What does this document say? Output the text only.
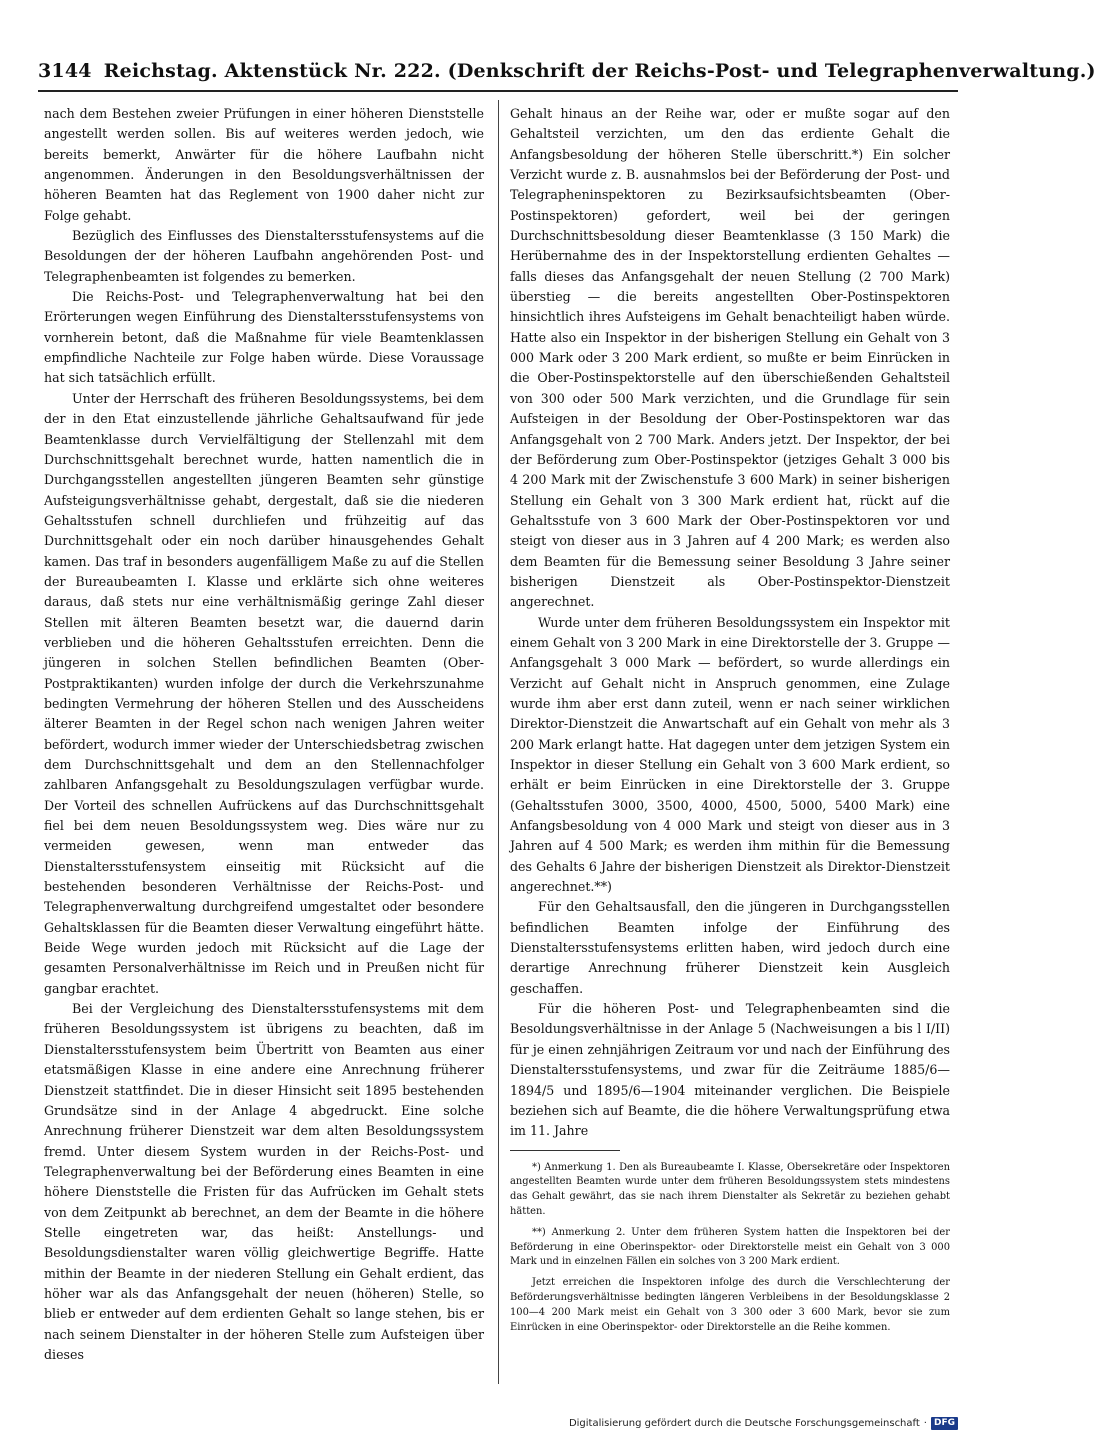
3144 Reichstag. Aktenstück Nr. 222. (Denkschrift der Reichs-Post- und Telegraphenverwaltung.)

nach dem Bestehen zweier Prüfungen in einer höheren Dienststelle angestellt werden sollen. Bis auf weiteres werden jedoch, wie bereits bemerkt, Anwärter für die höhere Laufbahn nicht angenommen. Änderungen in den Besoldungsverhältnissen der höheren Beamten hat das Reglement von 1900 daher nicht zur Folge gehabt.

Bezüglich des Einflusses des Dienstaltersstufensystems auf die Besoldungen der der höheren Laufbahn angehörenden Post- und Telegraphenbeamten ist folgendes zu bemerken.

Die Reichs-Post- und Telegraphenverwaltung hat bei den Erörterungen wegen Einführung des Dienstaltersstufensystems von vornherein betont, daß die Maßnahme für viele Beamtenklassen empfindliche Nachteile zur Folge haben würde. Diese Voraussage hat sich tatsächlich erfüllt.

Unter der Herrschaft des früheren Besoldungssystems, bei dem der in den Etat einzustellende jährliche Gehaltsaufwand für jede Beamtenklasse durch Vervielfältigung der Stellenzahl mit dem Durchschnittsgehalt berechnet wurde, hatten namentlich die in Durchgangsstellen angestellten jüngeren Beamten sehr günstige Aufsteigungsverhältnisse gehabt, dergestalt, daß sie die niederen Gehaltsstufen schnell durchliefen und frühzeitig auf das Durchnittsgehalt oder ein noch darüber hinausgehendes Gehalt kamen. Das traf in besonders augenfälligem Maße zu auf die Stellen der Bureaubeamten I. Klasse und erklärte sich ohne weiteres daraus, daß stets nur eine verhältnismäßig geringe Zahl dieser Stellen mit älteren Beamten besetzt war, die dauernd darin verblieben und die höheren Gehaltsstufen erreichten. Denn die jüngeren in solchen Stellen befindlichen Beamten (Ober-Postpraktikanten) wurden infolge der durch die Verkehrszunahme bedingten Vermehrung der höheren Stellen und des Ausscheidens älterer Beamten in der Regel schon nach wenigen Jahren weiter befördert, wodurch immer wieder der Unterschiedsbetrag zwischen dem Durchschnittsgehalt und dem an den Stellennachfolger zahlbaren Anfangsgehalt zu Besoldungszulagen verfügbar wurde. Der Vorteil des schnellen Aufrückens auf das Durchschnittsgehalt fiel bei dem neuen Besoldungssystem weg. Dies wäre nur zu vermeiden gewesen, wenn man entweder das Dienstaltersstufensystem einseitig mit Rücksicht auf die bestehenden besonderen Verhältnisse der Reichs-Post- und Telegraphenverwaltung durchgreifend umgestaltet oder besondere Gehaltsklassen für die Beamten dieser Verwaltung eingeführt hätte. Beide Wege wurden jedoch mit Rücksicht auf die Lage der gesamten Personalverhältnisse im Reich und in Preußen nicht für gangbar erachtet.

Bei der Vergleichung des Dienstaltersstufensystems mit dem früheren Besoldungssystem ist übrigens zu beachten, daß im Dienstaltersstufensystem beim Übertritt von Beamten aus einer etatsmäßigen Klasse in eine andere eine Anrechnung früherer Dienstzeit stattfindet. Die in dieser Hinsicht seit 1895 bestehenden Grundsätze sind in der Anlage 4 abgedruckt. Eine solche Anrechnung früherer Dienstzeit war dem alten Besoldungssystem fremd. Unter diesem System wurden in der Reichs-Post- und Telegraphenverwaltung bei der Beförderung eines Beamten in eine höhere Dienststelle die Fristen für das Aufrücken im Gehalt stets von dem Zeitpunkt ab berechnet, an dem der Beamte in die höhere Stelle eingetreten war, das heißt: Anstellungs- und Besoldungsdienstalter waren völlig gleichwertige Begriffe. Hatte mithin der Beamte in der niederen Stellung ein Gehalt erdient, das höher war als das Anfangsgehalt der neuen (höheren) Stelle, so blieb er entweder auf dem erdienten Gehalt so lange stehen, bis er nach seinem Dienstalter in der höheren Stelle zum Aufsteigen über dieses

Gehalt hinaus an der Reihe war, oder er mußte sogar auf den Gehaltsteil verzichten, um den das erdiente Gehalt die Anfangsbesoldung der höheren Stelle überschritt.*) Ein solcher Verzicht wurde z. B. ausnahmslos bei der Beförderung der Post- und Telegrapheninspektoren zu Bezirksaufsichtsbeamten (Ober-Postinspektoren) gefordert, weil bei der geringen Durchschnittsbesoldung dieser Beamtenklasse (3 150 Mark) die Herübernahme des in der Inspektorstellung erdienten Gehaltes — falls dieses das Anfangsgehalt der neuen Stellung (2 700 Mark) überstieg — die bereits angestellten Ober-Postinspektoren hinsichtlich ihres Aufsteigens im Gehalt benachteiligt haben würde. Hatte also ein Inspektor in der bisherigen Stellung ein Gehalt von 3 000 Mark oder 3 200 Mark erdient, so mußte er beim Einrücken in die Ober-Postinspektorstelle auf den überschießenden Gehaltsteil von 300 oder 500 Mark verzichten, und die Grundlage für sein Aufsteigen in der Besoldung der Ober-Postinspektoren war das Anfangsgehalt von 2 700 Mark. Anders jetzt. Der Inspektor, der bei der Beförderung zum Ober-Postinspektor (jetziges Gehalt 3 000 bis 4 200 Mark mit der Zwischenstufe 3 600 Mark) in seiner bisherigen Stellung ein Gehalt von 3 300 Mark erdient hat, rückt auf die Gehaltsstufe von 3 600 Mark der Ober-Postinspektoren vor und steigt von dieser aus in 3 Jahren auf 4 200 Mark; es werden also dem Beamten für die Bemessung seiner Besoldung 3 Jahre seiner bisherigen Dienstzeit als Ober-Postinspektor-Dienstzeit angerechnet.

Wurde unter dem früheren Besoldungssystem ein Inspektor mit einem Gehalt von 3 200 Mark in eine Direktorstelle der 3. Gruppe — Anfangsgehalt 3 000 Mark — befördert, so wurde allerdings ein Verzicht auf Gehalt nicht in Anspruch genommen, eine Zulage wurde ihm aber erst dann zuteil, wenn er nach seiner wirklichen Direktor-Dienstzeit die Anwartschaft auf ein Gehalt von mehr als 3 200 Mark erlangt hatte. Hat dagegen unter dem jetzigen System ein Inspektor in dieser Stellung ein Gehalt von 3 600 Mark erdient, so erhält er beim Einrücken in eine Direktorstelle der 3. Gruppe (Gehaltsstufen 3000, 3500, 4000, 4500, 5000, 5400 Mark) eine Anfangsbesoldung von 4 000 Mark und steigt von dieser aus in 3 Jahren auf 4 500 Mark; es werden ihm mithin für die Bemessung des Gehalts 6 Jahre der bisherigen Dienstzeit als Direktor-Dienstzeit angerechnet.**)

Für den Gehaltsausfall, den die jüngeren in Durchgangsstellen befindlichen Beamten infolge der Einführung des Dienstaltersstufensystems erlitten haben, wird jedoch durch eine derartige Anrechnung früherer Dienstzeit kein Ausgleich geschaffen.

Für die höheren Post- und Telegraphenbeamten sind die Besoldungsverhältnisse in der Anlage 5 (Nachweisungen a bis l I/II) für je einen zehnjährigen Zeitraum vor und nach der Einführung des Dienstaltersstufensystems, und zwar für die Zeiträume 1885/6—1894/5 und 1895/6—1904 miteinander verglichen. Die Beispiele beziehen sich auf Beamte, die die höhere Verwaltungsprüfung etwa im 11. Jahre

*) Anmerkung 1. Den als Bureaubeamte I. Klasse, Obersekretäre oder Inspektoren angestellten Beamten wurde unter dem früheren Besoldungssystem stets mindestens das Gehalt gewährt, das sie nach ihrem Dienstalter als Sekretär zu beziehen gehabt hätten.

**) Anmerkung 2. Unter dem früheren System hatten die Inspektoren bei der Beförderung in eine Oberinspektor- oder Direktorstelle meist ein Gehalt von 3 000 Mark und in einzelnen Fällen ein solches von 3 200 Mark erdient.

Jetzt erreichen die Inspektoren infolge des durch die Verschlechterung der Beförderungsverhältnisse bedingten längeren Verbleibens in der Besoldungsklasse 2 100—4 200 Mark meist ein Gehalt von 3 300 oder 3 600 Mark, bevor sie zum Einrücken in eine Oberinspektor- oder Direktorstelle an die Reihe kommen.

Digitalisierung gefördert durch die Deutsche Forschungsgemeinschaft · DFG
